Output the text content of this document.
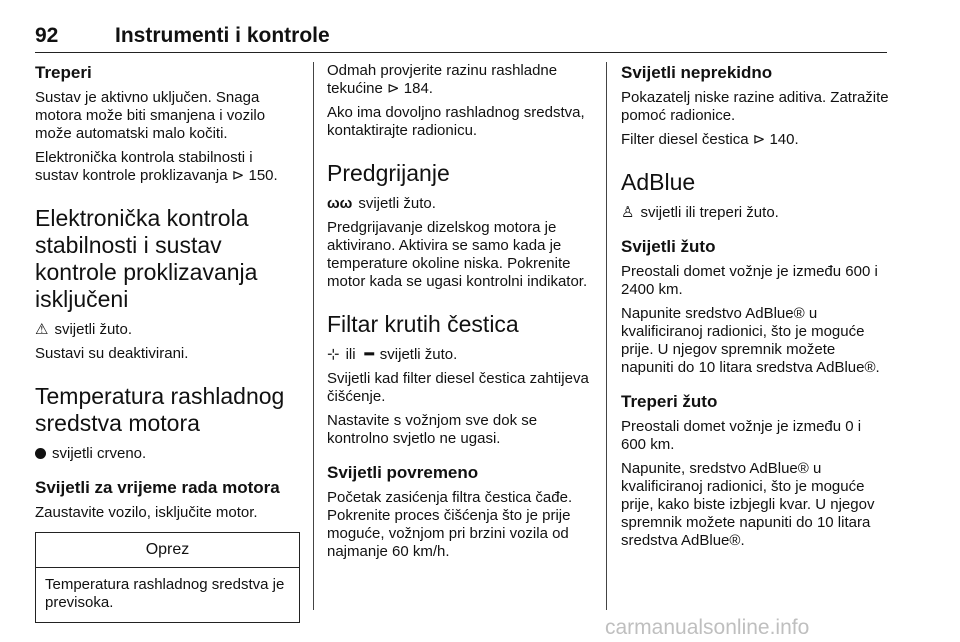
92	Instrumenti i kontrole
Treperi

Sustav je aktivno uključen. Snaga motora može biti smanjena i vozilo može automatski malo kočiti.

Elektronička kontrola stabilnosti i sustav kontrole proklizavanja ⊳ 150.

Elektronička kontrola stabilnosti i sustav kontrole proklizavanja isključeni

⚠ svijetli žuto.

Sustavi su deaktivirani.

Temperatura rashladnog sredstva motora

svijetli crveno.

Svijetli za vrijeme rada motora

Zaustavite vozilo, isključite motor.

Oprez
Temperatura rashladnog sredstva je previsoka.

Odmah provjerite razinu rashladne tekućine ⊳ 184.

Ako ima dovoljno rashladnog sredstva, kontaktirajte radionicu.

Predgrijanje

ωω svijetli žuto.

Predgrijavanje dizelskog motora je aktivirano. Aktivira se samo kada je temperature okoline niska. Pokrenite motor kada se ugasi kontrolni indikator.

Filtar krutih čestica

⊹ ili ━ svijetli žuto.

Svijetli kad filter diesel čestica zahtijeva čišćenje.

Nastavite s vožnjom sve dok se kontrolno svjetlo ne ugasi.

Svijetli povremeno

Početak zasićenja filtra čestica čađe. Pokrenite proces čišćenja što je prije moguće, vožnjom pri brzini vozila od najmanje 60 km/h.

Svijetli neprekidno

Pokazatelj niske razine aditiva. Zatražite pomoć radionice.

Filter diesel čestica ⊳ 140.

AdBlue

♙ svijetli ili treperi žuto.

Svijetli žuto

Preostali domet vožnje je između 600 i 2400 km.

Napunite sredstvo AdBlue® u kvalificiranoj radionici, što je moguće prije. U njegov spremnik možete napuniti do 10 litara sredstva AdBlue®.

Treperi žuto

Preostali domet vožnje je između 0 i 600 km.

Napunite, sredstvo AdBlue® u kvalificiranoj radionici, što je moguće prije, kako biste izbjegli kvar. U njegov spremnik možete napuniti do 10 litara sredstva AdBlue®.

carmanualsonline.info
